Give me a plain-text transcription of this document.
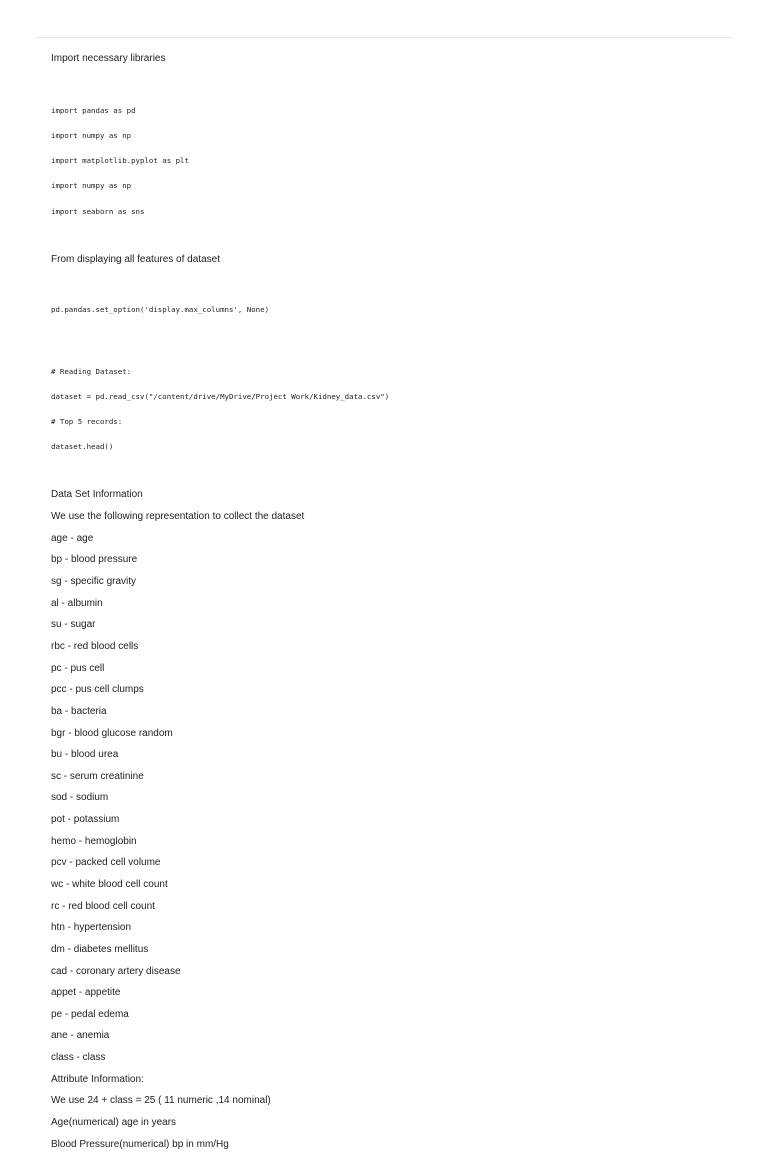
Import necessary libraries

import pandas as pd

import numpy as np

import matplotlib.pyplot as plt

import numpy as np

import seaborn as sns

From displaying all features of dataset

pd.pandas.set_option('display.max_columns', None)

# Reading Dataset:

dataset = pd.read_csv("/content/drive/MyDrive/Project Work/Kidney_data.csv")

# Top 5 records:

dataset.head()

Data Set Information

We use the following representation to collect the dataset

age - age

bp - blood pressure

sg - specific gravity

al - albumin

su - sugar

rbc - red blood cells

pc - pus cell

pcc - pus cell clumps

ba - bacteria

bgr - blood glucose random

bu - blood urea

sc - serum creatinine

sod - sodium

pot - potassium

hemo - hemoglobin

pcv - packed cell volume

wc - white blood cell count

rc - red blood cell count

htn - hypertension

dm - diabetes mellitus

cad - coronary artery disease

appet - appetite

pe - pedal edema

ane - anemia

class - class

Attribute Information:

We use 24 + class = 25 ( 11 numeric ,14 nominal)

Age(numerical) age in years

Blood Pressure(numerical) bp in mm/Hg
